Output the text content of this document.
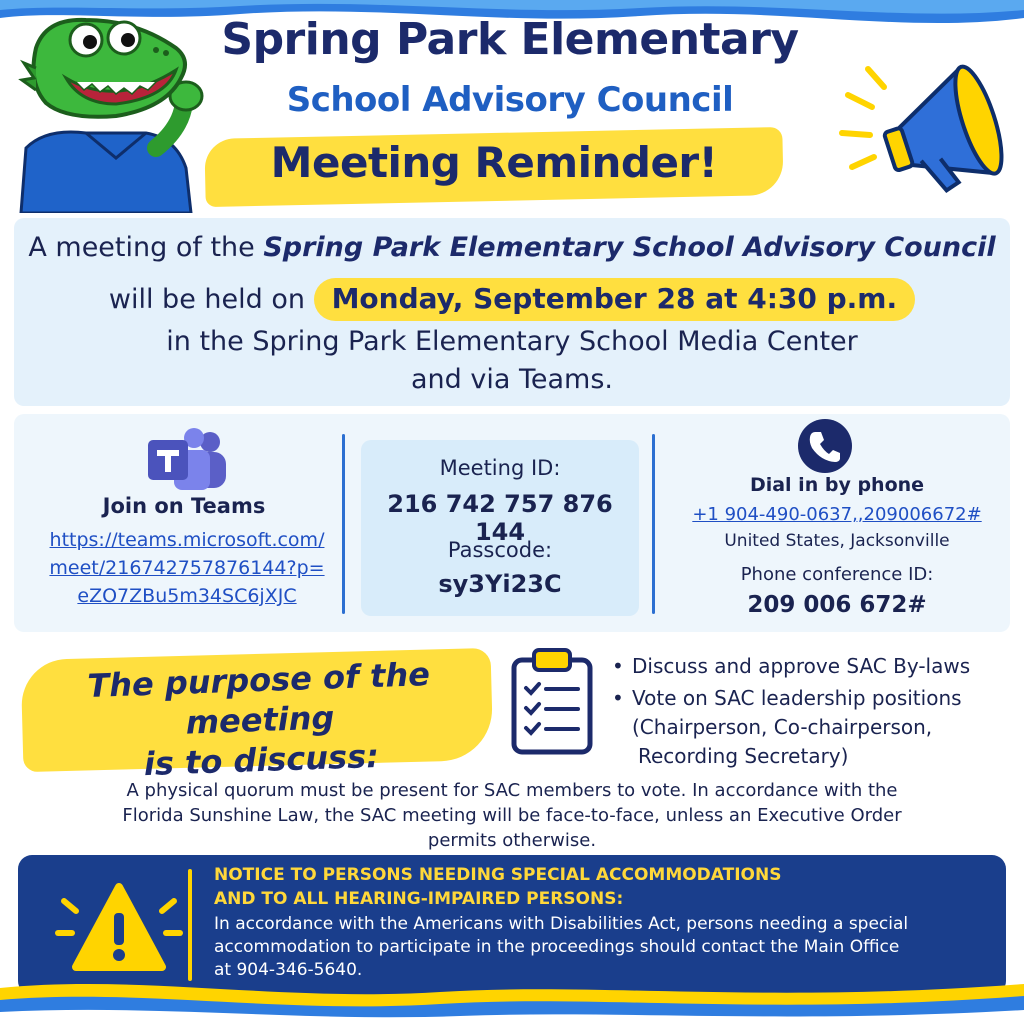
Spring Park Elementary
School Advisory Council
Meeting Reminder!
A meeting of the Spring Park Elementary School Advisory Council
will be held on Monday, September 28 at 4:30 p.m.
in the Spring Park Elementary School Media Center
and via Teams.
Join on Teams
https://teams.microsoft.com/
meet/216742757876144?p=
eZO7ZBu5m34SC6jXJC
Meeting ID:
216 742 757 876 144
Passcode:
sy3Yi23C
Dial in by phone
+1 904-490-0637,,209006672#
United States, Jacksonville
Phone conference ID:
209 006 672#
The purpose of the meeting
is to discuss:
• Discuss and approve SAC By-laws
• Vote on SAC leadership positions
(Chairperson, Co-chairperson,
Recording Secretary)
A physical quorum must be present for SAC members to vote. In accordance with the
Florida Sunshine Law, the SAC meeting will be face-to-face, unless an Executive Order
permits otherwise.
NOTICE TO PERSONS NEEDING SPECIAL ACCOMMODATIONS
AND TO ALL HEARING-IMPAIRED PERSONS:
In accordance with the Americans with Disabilities Act, persons needing a special
accommodation to participate in the proceedings should contact the Main Office
at 904-346-5640.
